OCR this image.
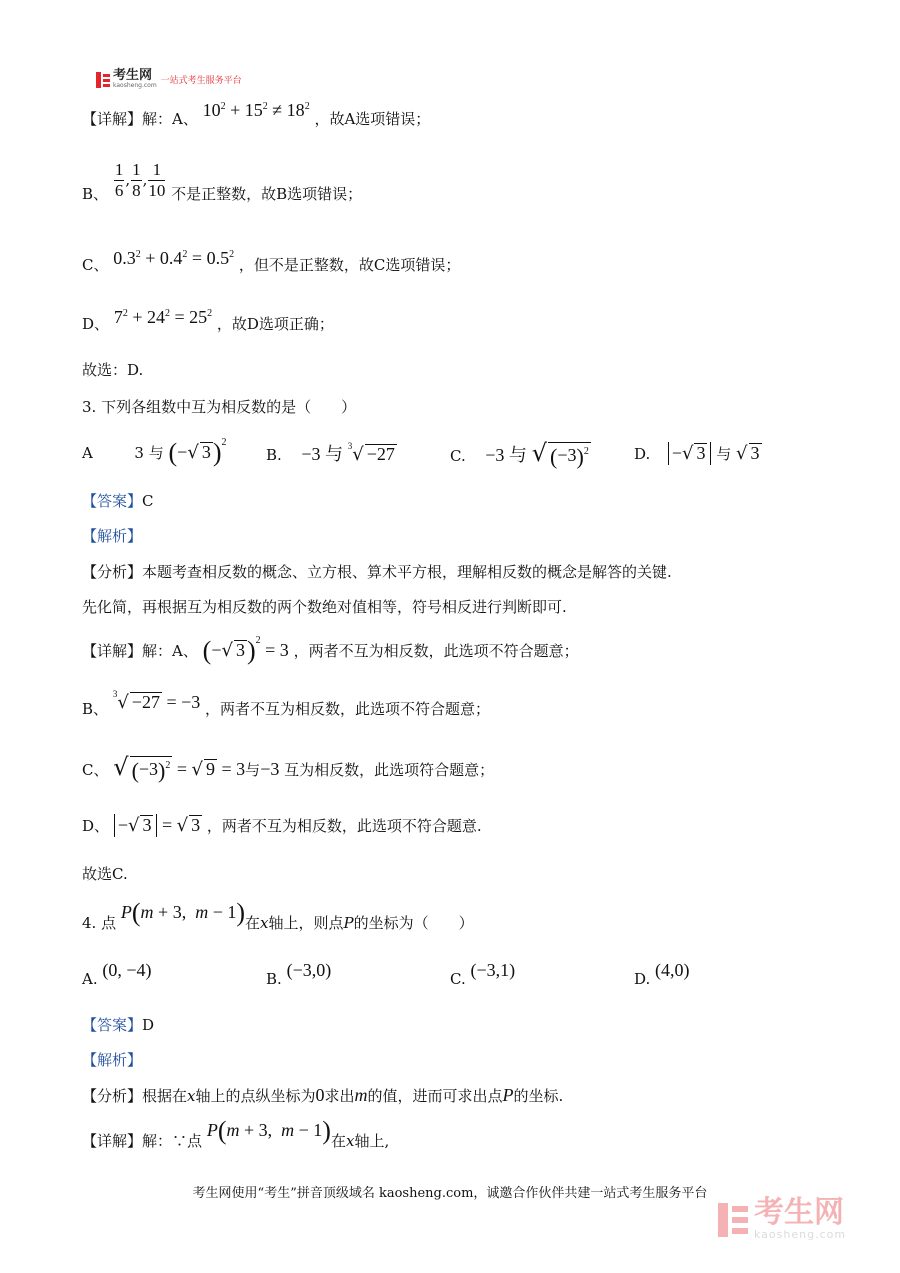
考生网
kaosheng.com 一站式考生服务平台
【详解】解：A、 $10^2 + 15^2 \ne 18^2$ ，故A选项错误；
B、 $\frac{1}{6}$ , $\frac{1}{8}$ , $\frac{1}{10}$ 不是正整数，故B选项错误；
C、 $0.3^2 + 0.4^2 = 0.5^2$ ，但不是正整数，故C选项错误；
D、 $7^2 + 24^2 = 25^2$ ，故D选项正确；
故选：D.
3. 下列各组数中互为相反数的是（　　）
A	3 与 (−√ 3)$^2$
B. −3 与 $^3$√ −27	C. −3 与 √ $(-3)^2$	D. −√ 3 与 √ 3
【答案】C
【解析】
【分析】本题考查相反数的概念、立方根、算术平方根，理解相反数的概念是解答的关键.
先化简，再根据互为相反数的两个数绝对值相等，符号相反进行判断即可.
【详解】解：A、 (−√ 3)$^2$ = 3 ，两者不互为相反数，此选项不符合题意；
B、 $^3$√ −27 = −3 ，两者不互为相反数，此选项不符合题意；
C、 √ $(-3)^2$ = √ 9 = 3与−3 互为相反数，此选项符合题意；
D、 −√ 3 = √ 3 ，两者不互为相反数，此选项不符合题意.
故选C.
4. 点 P(m + 3,  m − 1)在x轴上，则点P的坐标为（　　）
A. (0, −4)	B. (−3,0)	C. (−3,1)	D. (4,0)
【答案】D
【解析】
【分析】根据在x轴上的点纵坐标为0求出m的值，进而可求出点P的坐标.
【详解】解：∵点 P(m + 3,  m − 1)在x轴上,
考生网使用“考生”拼音顶级域名 kaosheng.com，诚邀合作伙伴共建一站式考生服务平台
考生网
kaosheng.com
